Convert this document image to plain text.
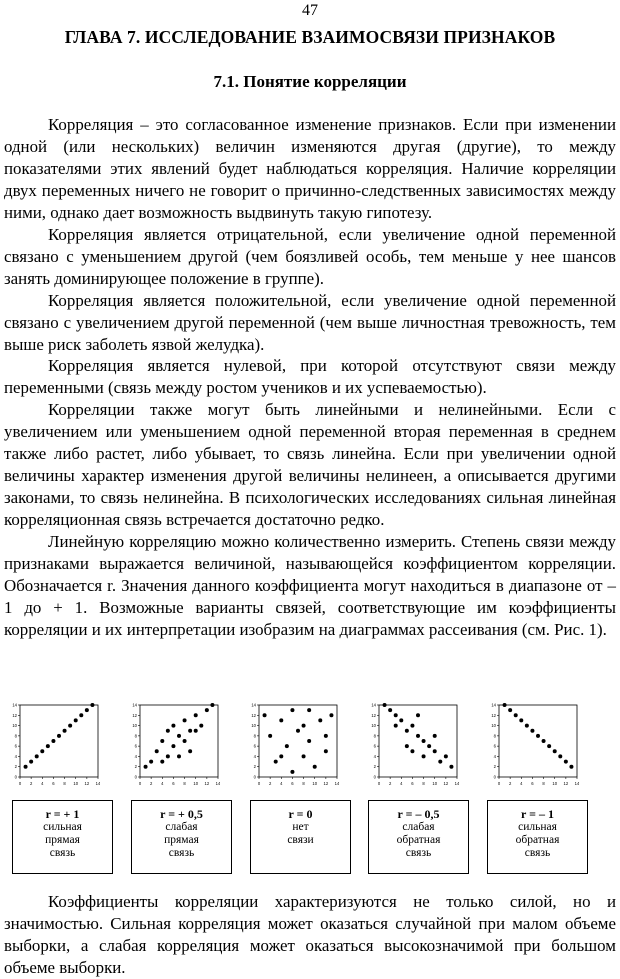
47
ГЛАВА 7. ИССЛЕДОВАНИЕ ВЗАИМОСВЯЗИ ПРИЗНАКОВ
7.1. Понятие корреляции

Корреляция – это согласованное изменение признаков. Если при изменении одной (или нескольких) величин изменяются другая (другие), то между показателями этих явлений будет наблюдаться корреляция. Наличие корреляции двух переменных ничего не говорит о причинно-следственных зависимостях между ними, однако дает возможность выдвинуть такую гипотезу.

Корреляция является отрицательной, если увеличение одной переменной связано с уменьшением другой (чем боязливей особь, тем меньше у нее шансов занять доминирующее положение в группе).

Корреляция является положительной, если увеличение одной переменной связано с увеличением другой переменной (чем выше личностная тревожность, тем выше риск заболеть язвой желудка).

Корреляция является нулевой, при которой отсутствуют связи между переменными (связь между ростом учеников и их успеваемостью).

Корреляции также могут быть линейными и нелинейными. Если с увеличением или уменьшением одной переменной вторая переменная в среднем также либо растет, либо убывает, то связь линейна. Если при увеличении одной величины характер изменения другой величины нелинеен, а описывается другими законами, то связь нелинейна. В психологических исследованиях сильная линейная корреляционная связь встречается достаточно редко.

Линейную корреляцию можно количественно измерить. Степень связи между признаками выражается величиной, называющейся коэффициентом корреляции. Обозначается r. Значения данного коэффициента могут находиться в диапазоне от – 1 до + 1. Возможные варианты связей, соответствующие им коэффициенты корреляции и их интерпретации изобразим на диаграммах рассеивания (см. Рис. 1).

0 2 4 6 8 10 12 14
0
2
4
6
8
10
12
14
0 2 4 6 8 10 12 14
0
2
4
6
8
10
12
14
0 2 4 6 8 10 12 14
0
2
4
6
8
10
12
14
0 2 4 6 8 10 12 14
0
2
4
6
8
10
12
14
0 2 4 6 8 10 12 14
0
2
4
6
8
10
12
14
r = + 1
сильная
прямая
связь
r = + 0,5
слабая
прямая
связь
r = 0
нет
связи
r = – 0,5
слабая
обратная
связь
r = – 1
сильная
обратная
связь

Коэффициенты корреляции характеризуются не только силой, но и значимостью. Сильная корреляция может оказаться случайной при малом объеме выборки, а слабая корреляция может оказаться высокозначимой при большом объеме выборки.
